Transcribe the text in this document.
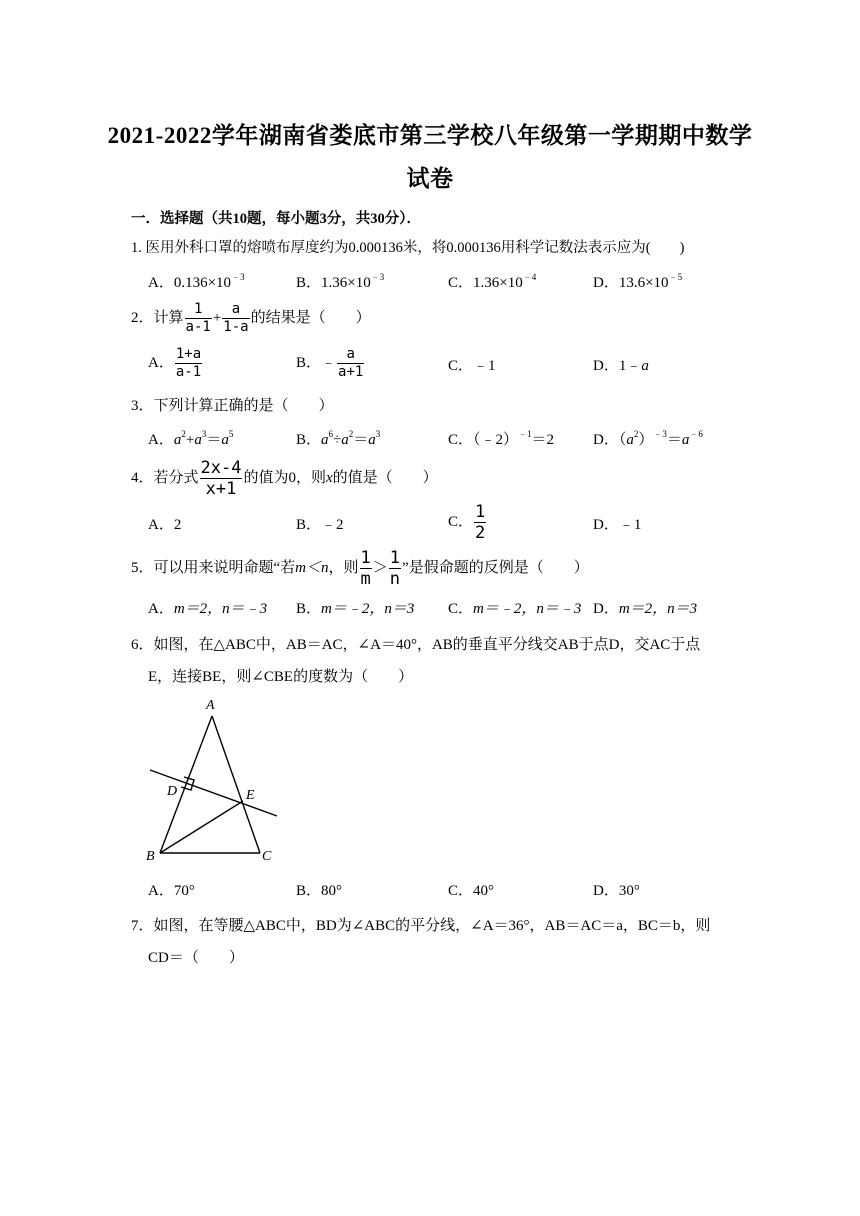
2021-2022学年湖南省娄底市第三学校八年级第一学期期中数学
试卷
一．选择题（共10题，每小题3分，共30分）．
1. 医用外科口罩的熔喷布厚度约为0.000136米，将0.000136用科学记数法表示应为(　　)
A．$0.136\times 10^{﹣3}$	B．$1.36\times 10^{﹣3}$	C．$1.36\times 10^{﹣4}$	D．$13.6\times 10^{﹣5}$
2．计算 $\frac{1}{a-1} + \frac{a}{1-a}$ 的结果是（　　）
A． $\frac{1+a}{a-1}$	B．﹣ $\frac{a}{a+1}$	C．﹣1	D．1﹣a
3．下列计算正确的是（　　）
A．$a^2+a^3=a^5$	B．$a^6\div a^2=a^3$	C．（﹣2）$^{﹣1}$＝2	D．$(a^2)^{﹣3}=a^{﹣6}$
4．若分式 $\frac{2x-4}{x+1}$ 的值为0，则x的值是（　　）
A．2	B．﹣2	C． $\frac{1}{2}$	D．﹣1
5．可以用来说明命题“若m＜n，则 $\frac{1}{m} > \frac{1}{n}$ ”是假命题的反例是（　　）
A．m＝2，n＝﹣3 B．m＝﹣2，n＝3 C．m＝﹣2，n＝﹣3 D．m＝2，n＝3
6．如图，在△ABC中，AB＝AC，∠A＝40°，AB的垂直平分线交AB于点D，交AC于点
E，连接BE，则∠CBE的度数为（　　）
A
B	C
D	E
A．70°	B．80°	C．40°	D．30°
7．如图，在等腰△ABC中，BD为∠ABC的平分线，∠A＝36°，AB＝AC＝a，BC＝b，则
CD＝（　　）
